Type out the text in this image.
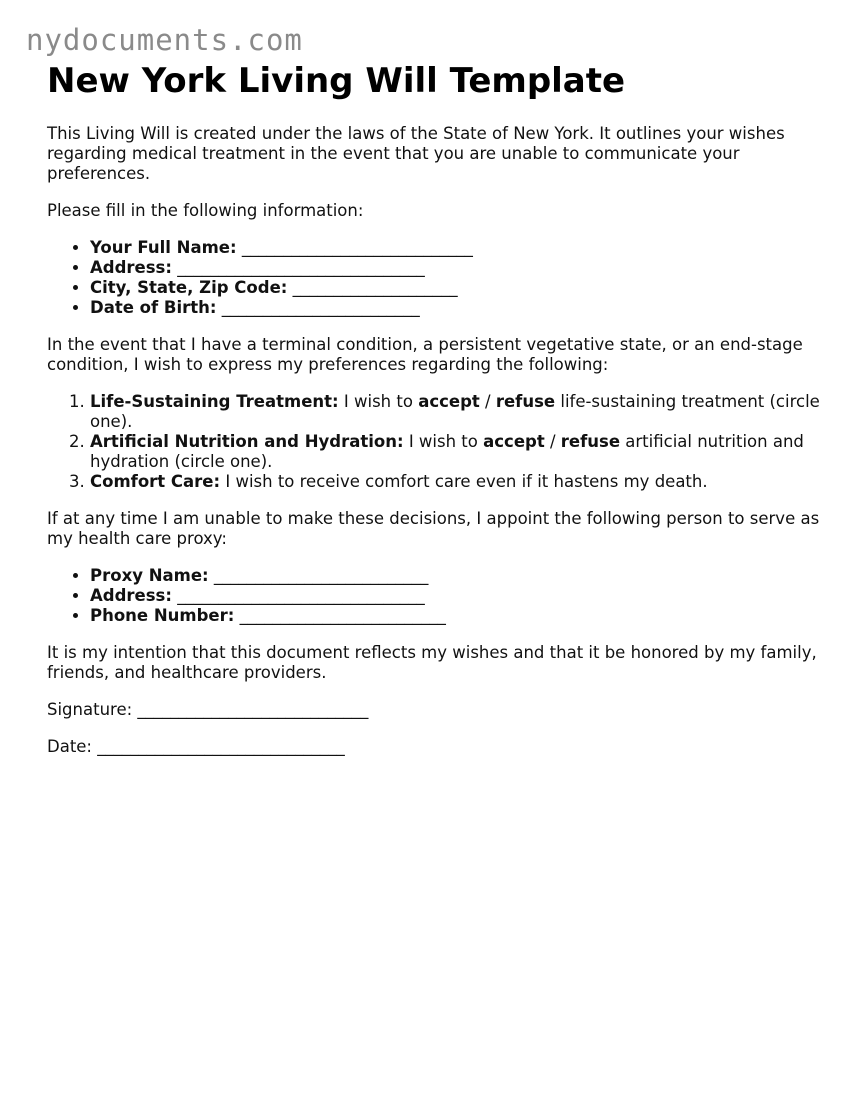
nydocuments.com
New York Living Will Template

This Living Will is created under the laws of the State of New York. It outlines your wishes regarding medical treatment in the event that you are unable to communicate your preferences.

Please fill in the following information:

• Your Full Name: ____________________________
• Address: ______________________________
• City, State, Zip Code: ____________________
• Date of Birth: ________________________

In the event that I have a terminal condition, a persistent vegetative state, or an end-stage condition, I wish to express my preferences regarding the following:

1. Life-Sustaining Treatment: I wish to accept / refuse life-sustaining treatment (circle one).
2. Artificial Nutrition and Hydration: I wish to accept / refuse artificial nutrition and hydration (circle one).
3. Comfort Care: I wish to receive comfort care even if it hastens my death.

If at any time I am unable to make these decisions, I appoint the following person to serve as my health care proxy:

• Proxy Name: __________________________
• Address: ______________________________
• Phone Number: _________________________

It is my intention that this document reflects my wishes and that it be honored by my family, friends, and healthcare providers.

Signature: ____________________________

Date: ______________________________
